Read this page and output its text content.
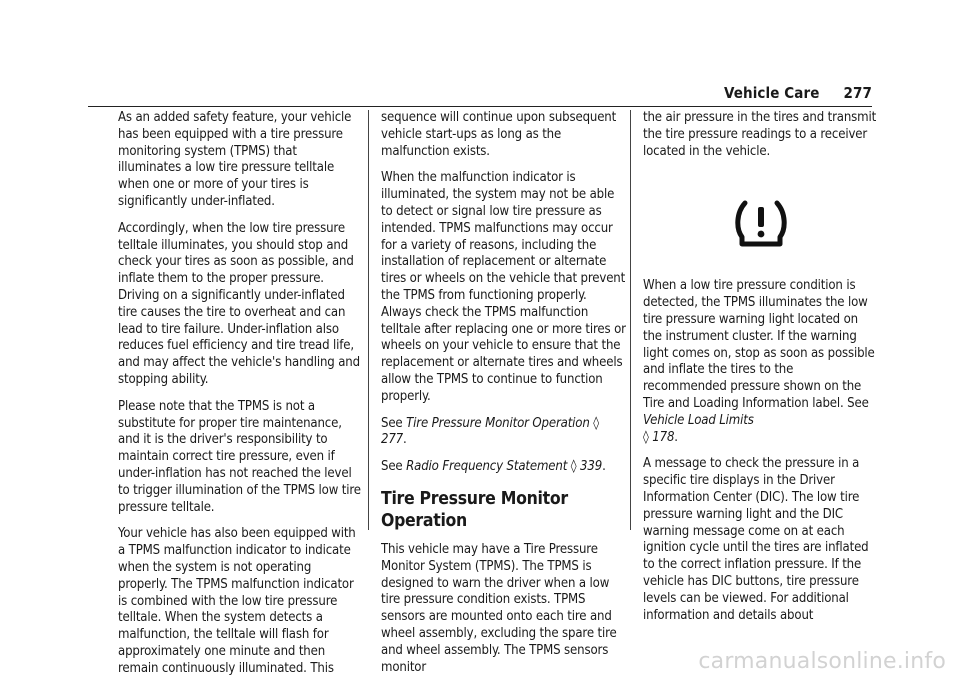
Vehicle Care 277

As an added safety feature, your vehicle has been equipped with a tire pressure monitoring system (TPMS) that illuminates a low tire pressure telltale when one or more of your tires is significantly under-inflated.

Accordingly, when the low tire pressure telltale illuminates, you should stop and check your tires as soon as possible, and inflate them to the proper pressure. Driving on a significantly under-inflated tire causes the tire to overheat and can lead to tire failure. Under-inflation also reduces fuel efficiency and tire tread life, and may affect the vehicle's handling and stopping ability.

Please note that the TPMS is not a substitute for proper tire maintenance, and it is the driver's responsibility to maintain correct tire pressure, even if under-inflation has not reached the level to trigger illumination of the TPMS low tire pressure telltale.

Your vehicle has also been equipped with a TPMS malfunction indicator to indicate when the system is not operating properly. The TPMS malfunction indicator is combined with the low tire pressure telltale. When the system detects a malfunction, the telltale will flash for approximately one minute and then remain continuously illuminated. This

sequence will continue upon subsequent vehicle start-ups as long as the malfunction exists.

When the malfunction indicator is illuminated, the system may not be able to detect or signal low tire pressure as intended. TPMS malfunctions may occur for a variety of reasons, including the installation of replacement or alternate tires or wheels on the vehicle that prevent the TPMS from functioning properly. Always check the TPMS malfunction telltale after replacing one or more tires or wheels on your vehicle to ensure that the replacement or alternate tires and wheels allow the TPMS to continue to function properly.

See Tire Pressure Monitor Operation ◊ 277.

See Radio Frequency Statement ◊ 339.

Tire Pressure Monitor Operation

This vehicle may have a Tire Pressure Monitor System (TPMS). The TPMS is designed to warn the driver when a low tire pressure condition exists. TPMS sensors are mounted onto each tire and wheel assembly, excluding the spare tire and wheel assembly. The TPMS sensors monitor

the air pressure in the tires and transmit the tire pressure readings to a receiver located in the vehicle.

When a low tire pressure condition is detected, the TPMS illuminates the low tire pressure warning light located on the instrument cluster. If the warning light comes on, stop as soon as possible and inflate the tires to the recommended pressure shown on the Tire and Loading Information label. See Vehicle Load Limits
◊ 178.

A message to check the pressure in a specific tire displays in the Driver Information Center (DIC). The low tire pressure warning light and the DIC warning message come on at each ignition cycle until the tires are inflated to the correct inflation pressure. If the vehicle has DIC buttons, tire pressure levels can be viewed. For additional information and details about

carmanualsonline.info
